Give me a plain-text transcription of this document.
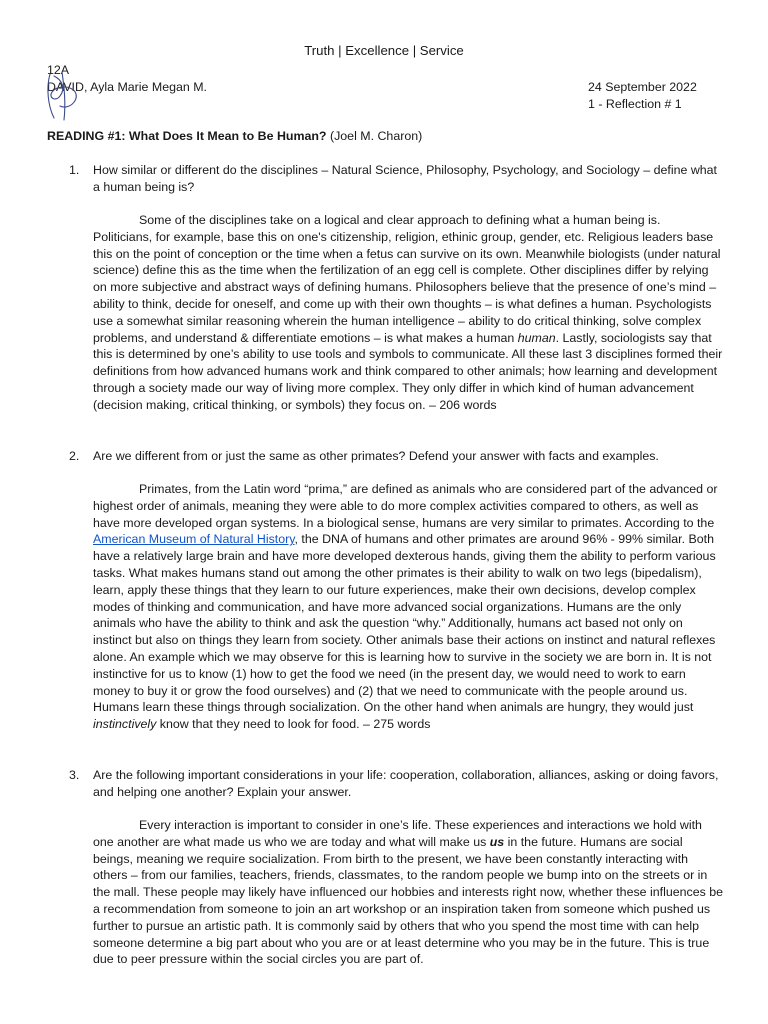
Truth | Excellence | Service
12A
DAVID, Ayla Marie Megan M.	24 September 2022
1 - Reflection # 1
READING #1: What Does It Mean to Be Human? (Joel M. Charon)
1. How similar or different do the disciplines – Natural Science, Philosophy, Psychology, and Sociology – define what a human being is?
Some of the disciplines take on a logical and clear approach to defining what a human being is. Politicians, for example, base this on one's citizenship, religion, ethinic group, gender, etc. Religious leaders base this on the point of conception or the time when a fetus can survive on its own. Meanwhile biologists (under natural science) define this as the time when the fertilization of an egg cell is complete. Other disciplines differ by relying on more subjective and abstract ways of defining humans. Philosophers believe that the presence of one’s mind – ability to think, decide for oneself, and come up with their own thoughts – is what defines a human. Psychologists use a somewhat similar reasoning wherein the human intelligence – ability to do critical thinking, solve complex problems, and understand & differentiate emotions – is what makes a human human. Lastly, sociologists say that this is determined by one’s ability to use tools and symbols to communicate. All these last 3 disciplines formed their definitions from how advanced humans work and think compared to other animals; how learning and development through a society made our way of living more complex. They only differ in which kind of human advancement (decision making, critical thinking, or symbols) they focus on. – 206 words
2. Are we different from or just the same as other primates? Defend your answer with facts and examples.
Primates, from the Latin word “prima,” are defined as animals who are considered part of the advanced or highest order of animals, meaning they were able to do more complex activities compared to others, as well as have more developed organ systems. In a biological sense, humans are very similar to primates. According to the American Museum of Natural History, the DNA of humans and other primates are around 96% - 99% similar. Both have a relatively large brain and have more developed dexterous hands, giving them the ability to perform various tasks. What makes humans stand out among the other primates is their ability to walk on two legs (bipedalism), learn, apply these things that they learn to our future experiences, make their own decisions, develop complex modes of thinking and communication, and have more advanced social organizations. Humans are the only animals who have the ability to think and ask the question “why.” Additionally, humans act based not only on instinct but also on things they learn from society. Other animals base their actions on instinct and natural reflexes alone. An example which we may observe for this is learning how to survive in the society we are born in. It is not instinctive for us to know (1) how to get the food we need (in the present day, we would need to work to earn money to buy it or grow the food ourselves) and (2) that we need to communicate with the people around us. Humans learn these things through socialization. On the other hand when animals are hungry, they would just instinctively know that they need to look for food. – 275 words
3. Are the following important considerations in your life: cooperation, collaboration, alliances, asking or doing favors, and helping one another? Explain your answer.
Every interaction is important to consider in one’s life. These experiences and interactions we hold with one another are what made us who we are today and what will make us us in the future. Humans are social beings, meaning we require socialization. From birth to the present, we have been constantly interacting with others – from our families, teachers, friends, classmates, to the random people we bump into on the streets or in the mall. These people may likely have influenced our hobbies and interests right now, whether these influences be a recommendation from someone to join an art workshop or an inspiration taken from someone which pushed us further to pursue an artistic path. It is commonly said by others that who you spend the most time with can help someone determine a big part about who you are or at least determine who you may be in the future. This is true due to peer pressure within the social circles you are part of.
